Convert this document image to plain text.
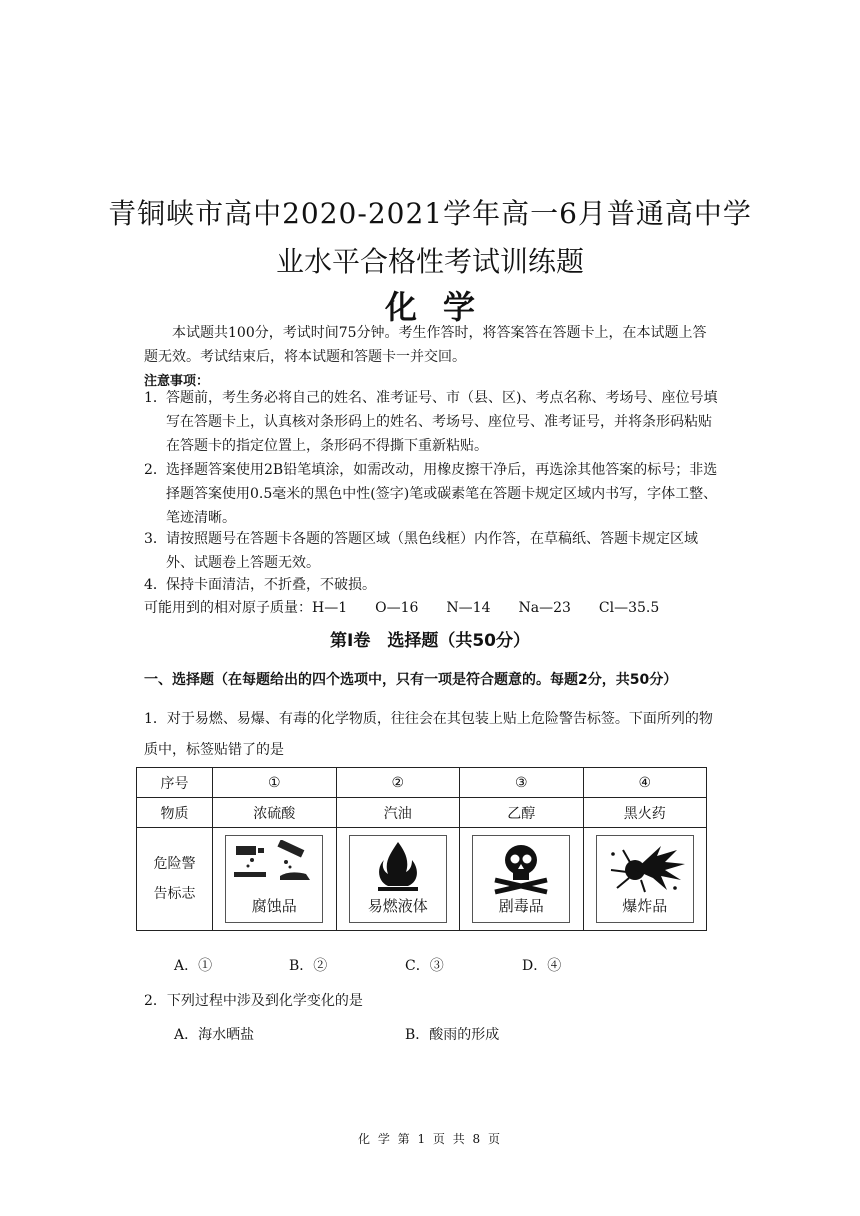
青铜峡市高中2020-2021学年高一6月普通高中学
业水平合格性考试训练题
化学
本试题共100分，考试时间75分钟。考生作答时，将答案答在答题卡上，在本试题上答题无效。考试结束后，将本试题和答题卡一并交回。
注意事项：
1． 答题前，考生务必将自己的姓名、准考证号、市（县、区)、考点名称、考场号、座位号填写在答题卡上，认真核对条形码上的姓名、考场号、座位号、准考证号，并将条形码粘贴在答题卡的指定位置上，条形码不得撕下重新粘贴。
2． 选择题答案使用2B铅笔填涂，如需改动，用橡皮擦干净后，再选涂其他答案的标号；非选择题答案使用0.5毫米的黑色中性(签字)笔或碳素笔在答题卡规定区域内书写，字体工整、笔迹清晰。
3． 请按照题号在答题卡各题的答题区域（黑色线框）内作答，在草稿纸、答题卡规定区域外、试题卷上答题无效。
4． 保持卡面清洁，不折叠，不破损。
可能用到的相对原子质量：H—1　　O—16　　N—14　　Na—23　　Cl—35.5
第Ⅰ卷　选择题（共50分）
一、选择题（在每题给出的四个选项中，只有一项是符合题意的。每题2分，共50分）
1．对于易燃、易爆、有毒的化学物质，往往会在其包装上贴上危险警告标签。下面所列的物质中，标签贴错了的是
序号	①	②	③	④
物质	浓硫酸	汽油	乙醇	黑火药

危险警告标志	腐蚀品	易燃液体	剧毒品	爆炸品
A．①	B．②	C．③	D．④
2．下列过程中涉及到化学变化的是
A．海水晒盐	B．酸雨的形成
化 学 第 1 页 共 8 页
